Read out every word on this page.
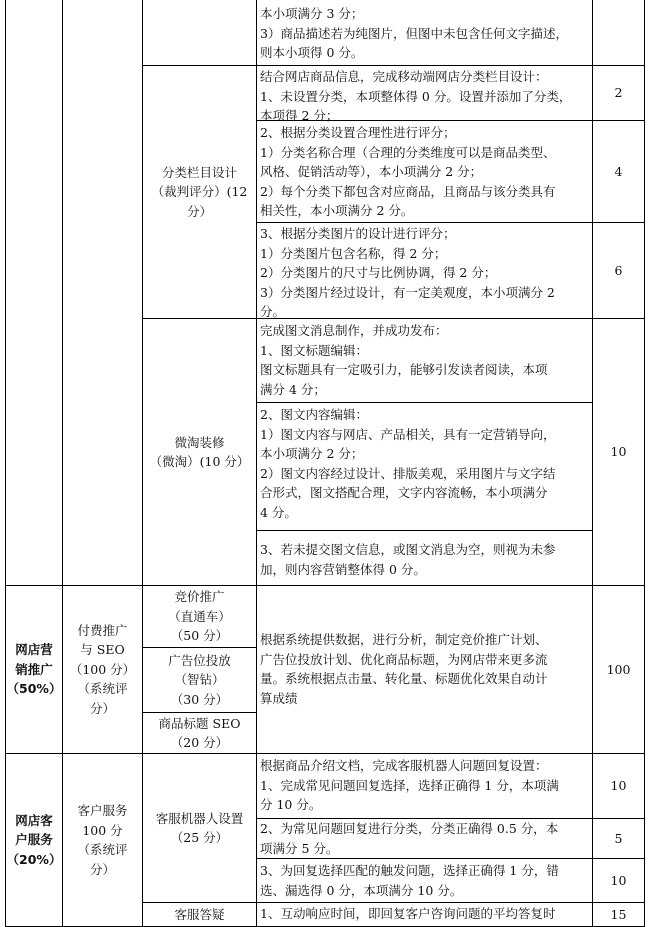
本小项满分 3 分；
3）商品描述若为纯图片，但图中未包含任何文字描述，
则本小项得 0 分。
分类栏目设计
（裁判评分）(12
分）
结合网店商品信息，完成移动端网店分类栏目设计：
1、未设置分类，本项整体得 0 分。设置并添加了分类，
本项得 2 分；
2
2、根据分类设置合理性进行评分；
1）分类名称合理（合理的分类维度可以是商品类型、
风格、促销活动等），本小项满分 2 分；
2）每个分类下都包含对应商品，且商品与该分类具有
相关性，本小项满分 2 分。
4
3、根据分类图片的设计进行评分；
1）分类图片包含名称，得 2 分；
2）分类图片的尺寸与比例协调，得 2 分；
3）分类图片经过设计，有一定美观度，本小项满分 2
分。
6
微淘装修
（微淘）(10 分）
完成图文消息制作，并成功发布：
1、图文标题编辑：
图文标题具有一定吸引力，能够引发读者阅读，本项
满分 4 分；
2、图文内容编辑：
1）图文内容与网店、产品相关，具有一定营销导向，
本小项满分 2 分；
2）图文内容经过设计、排版美观，采用图片与文字结
合形式，图文搭配合理，文字内容流畅，本小项满分
4 分。
3、若未提交图文信息，或图文消息为空，则视为未参
加，则内容营销整体得 0 分。
10
网店营
销推广
（50%）
付费推广
与 SEO
（100 分）
（系统评
分）
竞价推广
（直通车）
（50 分）
广告位投放
（智钻）
（30 分）
商品标题 SEO
（20 分）
根据系统提供数据，进行分析，制定竞价推广计划、
广告位投放计划、优化商品标题，为网店带来更多流
量。系统根据点击量、转化量、标题优化效果自动计
算成绩
100
网店客
户服务
（20%）
客户服务
100 分
（系统评
分）
客服机器人设置
（25 分）
根据商品介绍文档，完成客服机器人问题回复设置：
1、完成常见问题回复选择，选择正确得 1 分，本项满
分 10 分。
10
2、为常见问题回复进行分类，分类正确得 0.5 分，本
项满分 5 分。
5
3、为回复选择匹配的触发问题，选择正确得 1 分，错
选、漏选得 0 分，本项满分 10 分。
10
客服答疑	1、互动响应时间，即回复客户咨询问题的平均答复时	15
